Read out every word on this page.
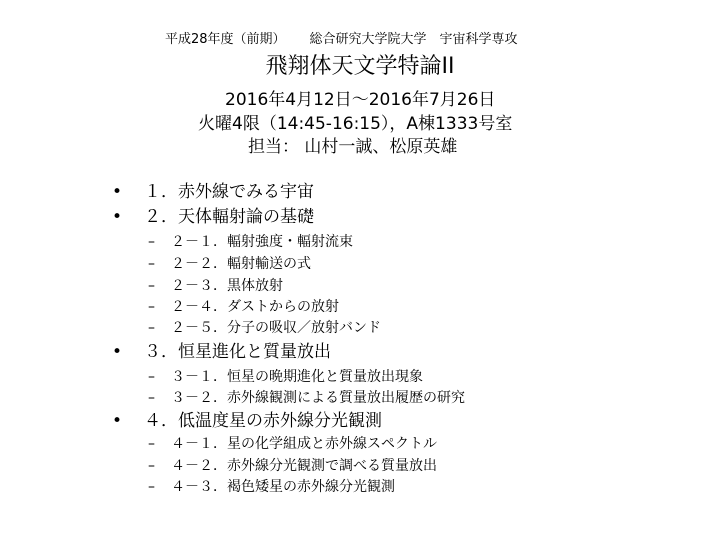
平成28年度（前期） 総合研究大学院大学　宇宙科学専攻
飛翔体天文学特論II
2016年4月12日～2016年7月26日
火曜4限（14:45-16:15），A棟1333号室
担当： 山村一誠、松原英雄
• １．赤外線でみる宇宙
• ２．天体輻射論の基礎
– ２－１．輻射強度・輻射流束
– ２－２．輻射輸送の式
– ２－３．黒体放射
– ２－４．ダストからの放射
– ２－５．分子の吸収／放射バンド
• ３．恒星進化と質量放出
– ３－１．恒星の晩期進化と質量放出現象
– ３－２．赤外線観測による質量放出履歴の研究
• ４．低温度星の赤外線分光観測
– ４－１．星の化学組成と赤外線スペクトル
– ４－２．赤外線分光観測で調べる質量放出
– ４－３．褐色矮星の赤外線分光観測
